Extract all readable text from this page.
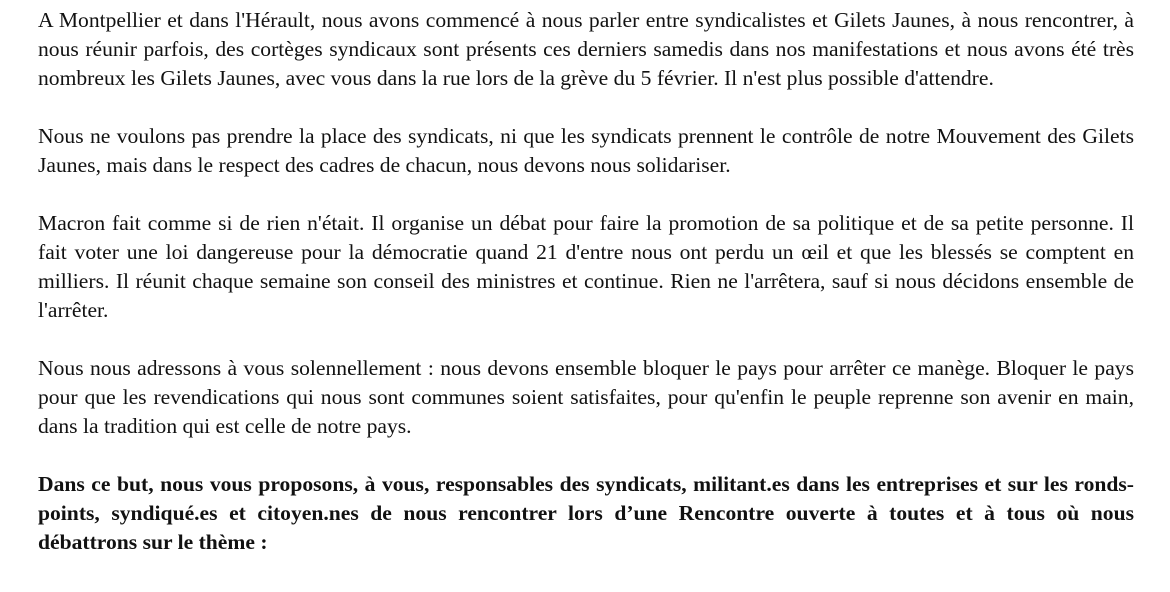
A Montpellier et dans l'Hérault, nous avons commencé à nous parler entre syndicalistes et Gilets Jaunes, à nous rencontrer, à nous réunir parfois, des cortèges syndicaux sont présents ces derniers samedis dans nos manifestations et nous avons été très nombreux les Gilets Jaunes, avec vous dans la rue lors de la grève du 5 février. Il n'est plus possible d'attendre.

Nous ne voulons pas prendre la place des syndicats, ni que les syndicats prennent le contrôle de notre Mouvement des Gilets Jaunes, mais dans le respect des cadres de chacun, nous devons nous solidariser.

Macron fait comme si de rien n'était. Il organise un débat pour faire la promotion de sa politique et de sa petite personne. Il fait voter une loi dangereuse pour la démocratie quand 21 d'entre nous ont perdu un œil et que les blessés se comptent en milliers. Il réunit chaque semaine son conseil des ministres et continue. Rien ne l'arrêtera, sauf si nous décidons ensemble de l'arrêter.

Nous nous adressons à vous solennellement : nous devons ensemble bloquer le pays pour arrêter ce manège. Bloquer le pays pour que les revendications qui nous sont communes soient satisfaites, pour qu'enfin le peuple reprenne son avenir en main, dans la tradition qui est celle de notre pays.

Dans ce but, nous vous proposons, à vous, responsables des syndicats, militant.es dans les entreprises et sur les ronds-points, syndiqué.es et citoyen.nes de nous rencontrer lors d’une Rencontre ouverte à toutes et à tous où nous débattrons sur le thème :
